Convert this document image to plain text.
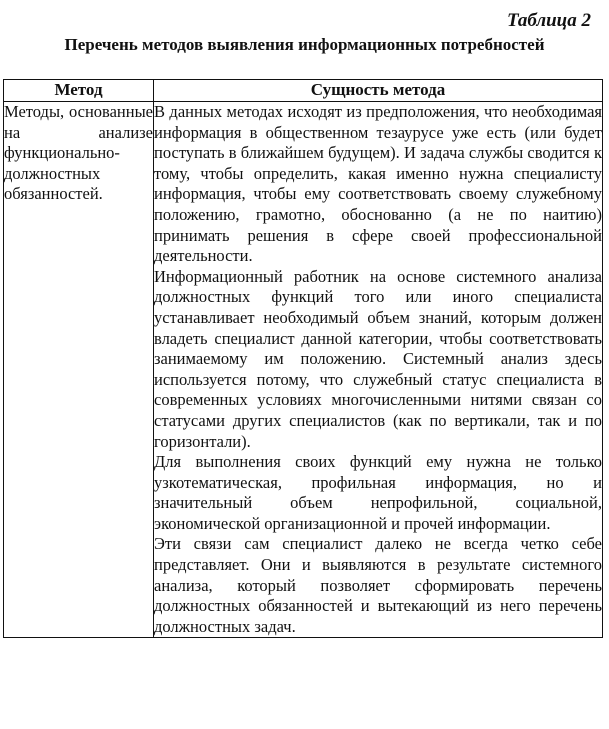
Таблица 2

Перечень методов выявления информационных потребностей

Метод	Сущность метода

Методы, основанные на анализе функционально-должностных обязанностей.	В данных методах исходят из предположения, что необходимая информация в общественном тезаурусе уже есть (или будет поступать в ближайшем будущем). И задача службы сводится к тому, чтобы определить, какая именно нужна специалисту информация, чтобы ему соответствовать своему служебному положению, грамотно, обоснованно (а не по наитию) принимать решения в сфере своей профессиональной деятельности.

Информационный работник на основе системного анализа должностных функций того или иного специалиста устанавливает необходимый объем знаний, которым должен владеть специалист данной категории, чтобы соответствовать занимаемому им положению. Системный анализ здесь используется потому, что служебный статус специалиста в современных условиях многочисленными нитями связан со статусами других специалистов (как по вертикали, так и по горизонтали).

Для выполнения своих функций ему нужна не только узкотематическая, профильная информация, но и значительный объем непрофильной, социальной, экономической организационной и прочей информации.

Эти связи сам специалист далеко не всегда четко себе представляет. Они и выявляются в результате системного анализа, который позволяет сформировать перечень должностных обязанностей и вытекающий из него перечень должностных задач.
